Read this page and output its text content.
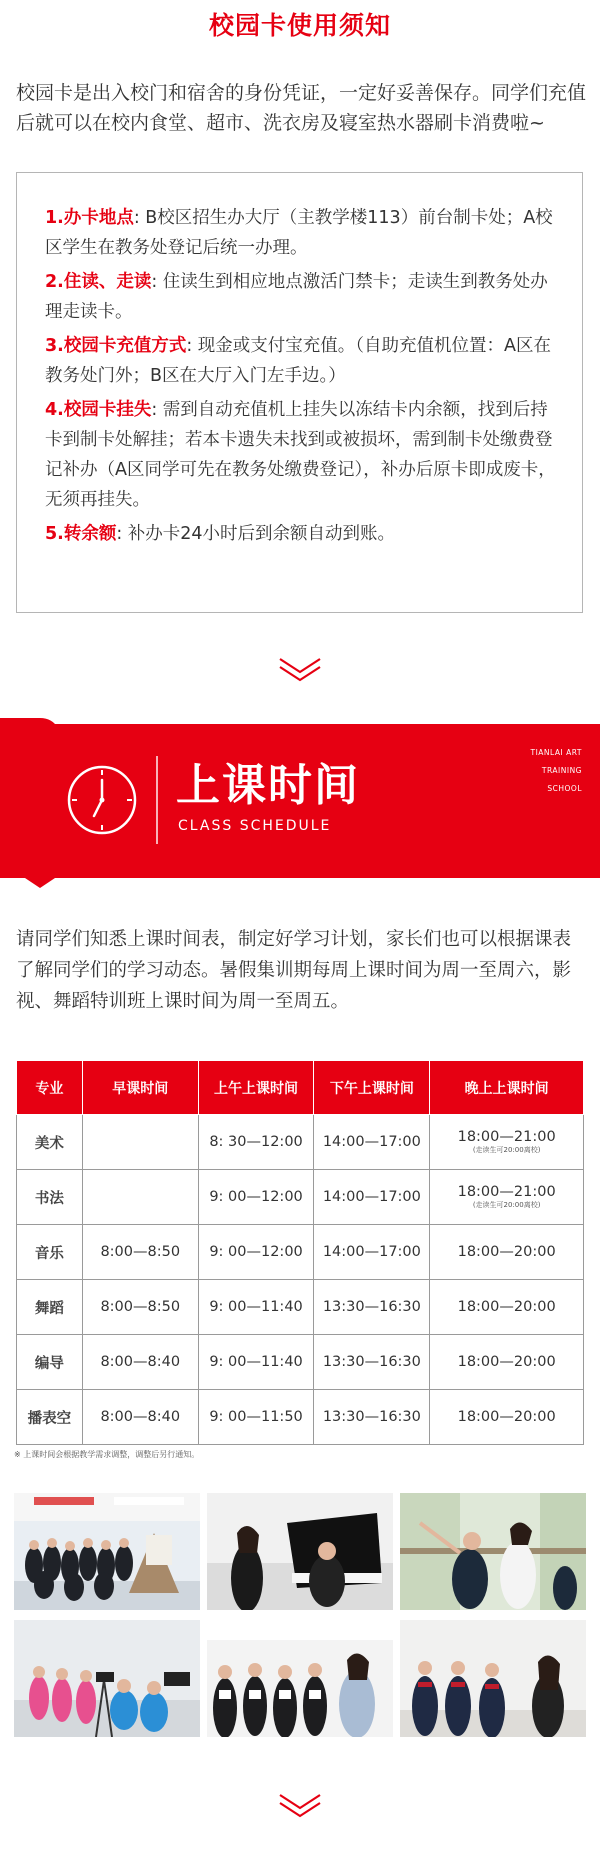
校园卡使用须知
校园卡是出入校门和宿舍的身份凭证，一定好妥善保存。同学们充值后就可以在校内食堂、超市、洗衣房及寝室热水器刷卡消费啦~

1.办卡地点: B校区招生办大厅（主教学楼113）前台制卡处；A校区学生在教务处登记后统一办理。

2.住读、走读: 住读生到相应地点激活门禁卡；走读生到教务处办理走读卡。

3.校园卡充值方式: 现金或支付宝充值。（自助充值机位置：A区在教务处门外；B区在大厅入门左手边。）

4.校园卡挂失: 需到自动充值机上挂失以冻结卡内余额，找到后持卡到制卡处解挂；若本卡遗失未找到或被损坏，需到制卡处缴费登记补办（A区同学可先在教务处缴费登记），补办后原卡即成废卡，无须再挂失。

5.转余额: 补办卡24小时后到余额自动到账。

上课时间
CLASS SCHEDULE
TIANLAI ART
TRAINING
SCHOOL
请同学们知悉上课时间表，制定好学习计划，家长们也可以根据课表了解同学们的学习动态。暑假集训期每周上课时间为周一至周六，影视、舞蹈特训班上课时间为周一至周五。
专业	早课时间	上午上课时间	下午上课时间	晚上上课时间
美术		8: 30—12:00	14:00—17:00	18:00—21:00
(走读生可20:00离校)

书法		9: 00—12:00	14:00—17:00	18:00—21:00
(走读生可20:00离校)

音乐	8:00—8:50	9: 00—12:00	14:00—17:00	18:00—20:00
舞蹈	8:00—8:50	9: 00—11:40	13:30—16:30	18:00—20:00
编导	8:00—8:40	9: 00—11:40	13:30—16:30	18:00—20:00
播表空	8:00—8:40	9: 00—11:50	13:30—16:30	18:00—20:00
※ 上课时间会根据教学需求调整，调整后另行通知。
